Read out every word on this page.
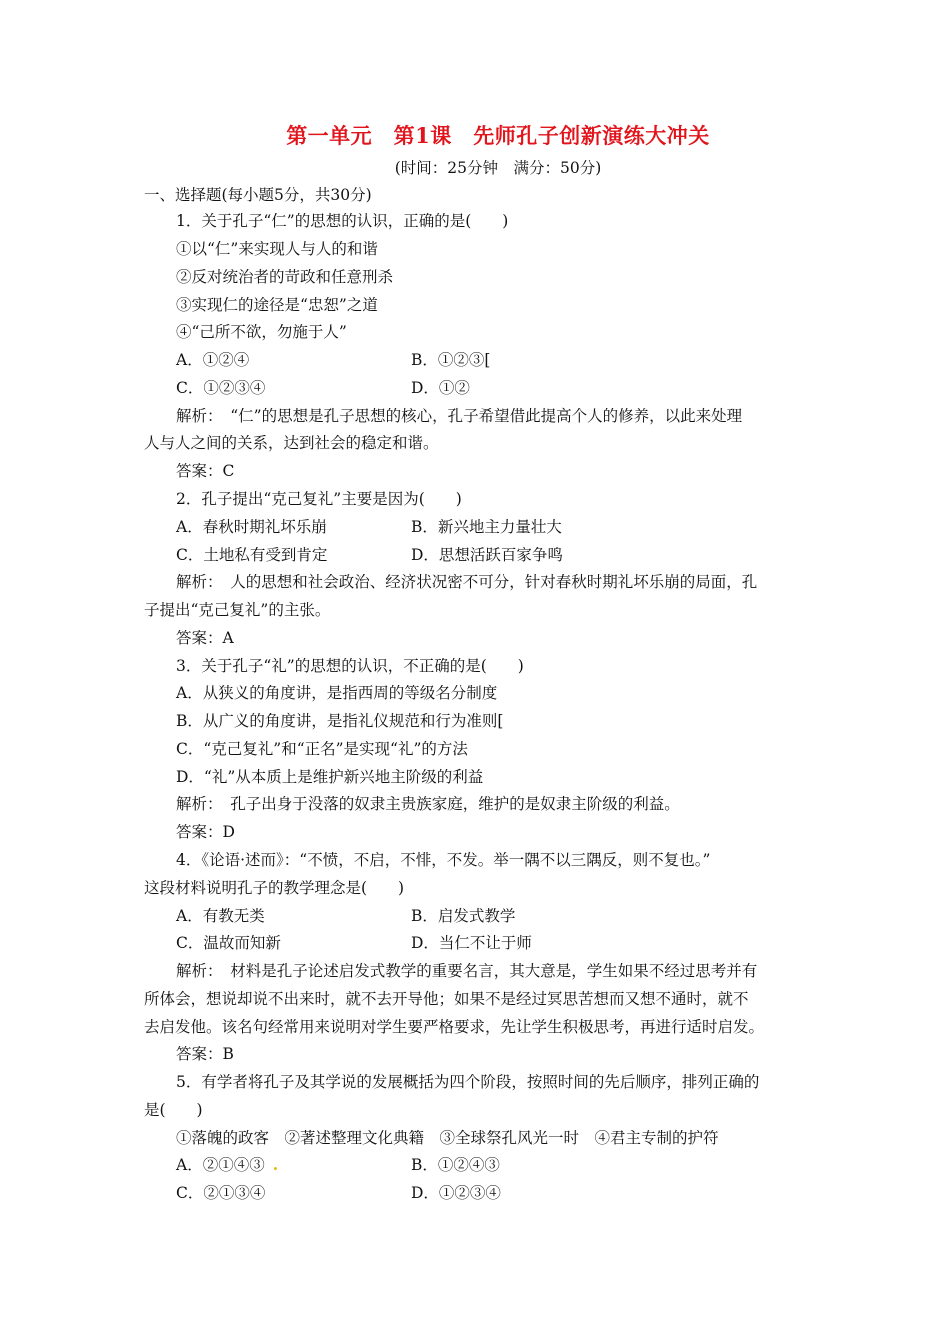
第一单元　第1课　先师孔子创新演练大冲关
(时间：25分钟　满分：50分)
一、选择题(每小题5分，共30分)
1．关于孔子“仁”的思想的认识，正确的是(　　)
①以“仁”来实现人与人的和谐
②反对统治者的苛政和任意刑杀
③实现仁的途径是“忠恕”之道
④“己所不欲，勿施于人”
A．①②④	B．①②③[
C．①②③④	D．①②
解析：　“仁”的思想是孔子思想的核心，孔子希望借此提高个人的修养，以此来处理
人与人之间的关系，达到社会的稳定和谐。
答案：C
2．孔子提出“克己复礼”主要是因为(　　)
A．春秋时期礼坏乐崩	B．新兴地主力量壮大
C．土地私有受到肯定	D．思想活跃百家争鸣
解析：　人的思想和社会政治、经济状况密不可分，针对春秋时期礼坏乐崩的局面，孔
子提出“克己复礼”的主张。
答案：A
3．关于孔子“礼”的思想的认识，不正确的是(　　)
A．从狭义的角度讲，是指西周的等级名分制度
B．从广义的角度讲，是指礼仪规范和行为准则[
C．“克己复礼”和“正名”是实现“礼”的方法
D．“礼”从本质上是维护新兴地主阶级的利益
解析：　孔子出身于没落的奴隶主贵族家庭，维护的是奴隶主阶级的利益。
答案：D
4．《论语·述而》：“不愤，不启，不悱，不发。举一隅不以三隅反，则不复也。”
这段材料说明孔子的教学理念是(　　)
A．有教无类	B．启发式教学
C．温故而知新	D．当仁不让于师
解析：　材料是孔子论述启发式教学的重要名言，其大意是，学生如果不经过思考并有
所体会，想说却说不出来时，就不去开导他；如果不是经过冥思苦想而又想不通时，就不
去启发他。该名句经常用来说明对学生要严格要求，先让学生积极思考，再进行适时启发。
答案：B
5．有学者将孔子及其学说的发展概括为四个阶段，按照时间的先后顺序，排列正确的
是(　　)
①落魄的政客　②著述整理文化典籍　③全球祭孔风光一时　④君主专制的护符
A．②①④③ .	B．①②④③
C．②①③④	D．①②③④
